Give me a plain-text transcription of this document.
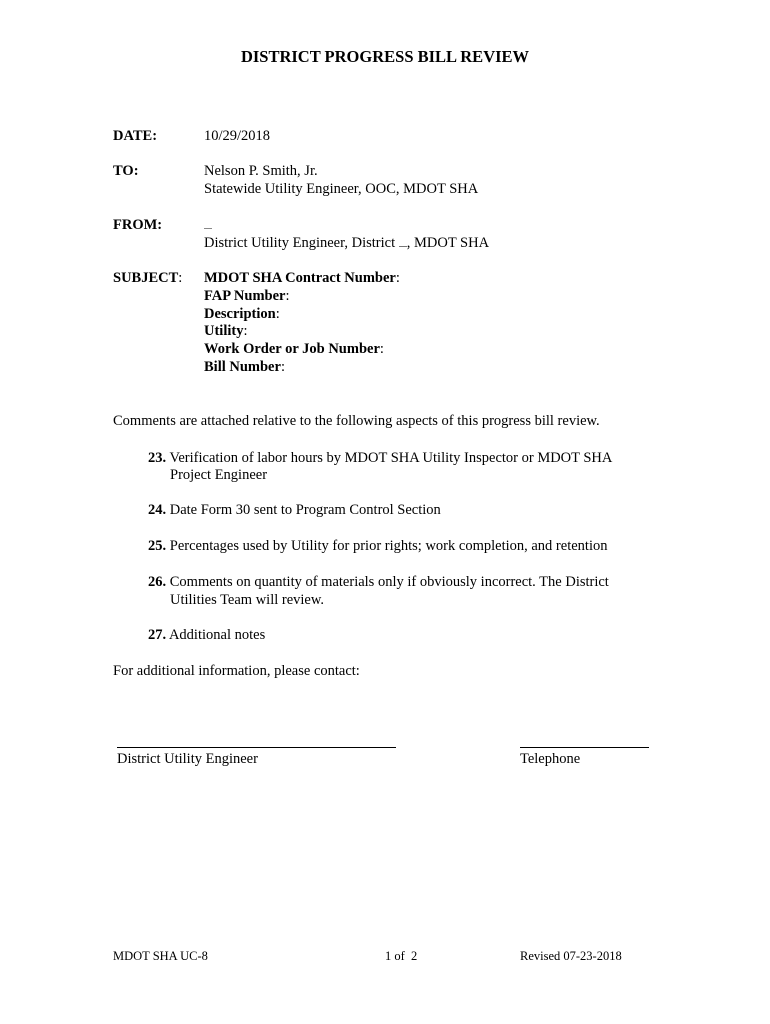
DISTRICT PROGRESS BILL REVIEW
DATE:	10/29/2018
TO:	Nelson P. Smith, Jr.
Statewide Utility Engineer, OOC, MDOT SHA
FROM:
District Utility Engineer, District , MDOT SHA
SUBJECT: MDOT SHA Contract Number:
FAP Number:
Description:
Utility:
Work Order or Job Number:
Bill Number:
Comments are attached relative to the following aspects of this progress bill review.
23. Verification of labor hours by MDOT SHA Utility Inspector or MDOT SHA
Project Engineer
24. Date Form 30 sent to Program Control Section
25. Percentages used by Utility for prior rights; work completion, and retention
26. Comments on quantity of materials only if obviously incorrect. The District
Utilities Team will review.
27. Additional notes
For additional information, please contact:
District Utility Engineer	Telephone
MDOT SHA UC-8	1 of 2	Revised 07-23-2018
